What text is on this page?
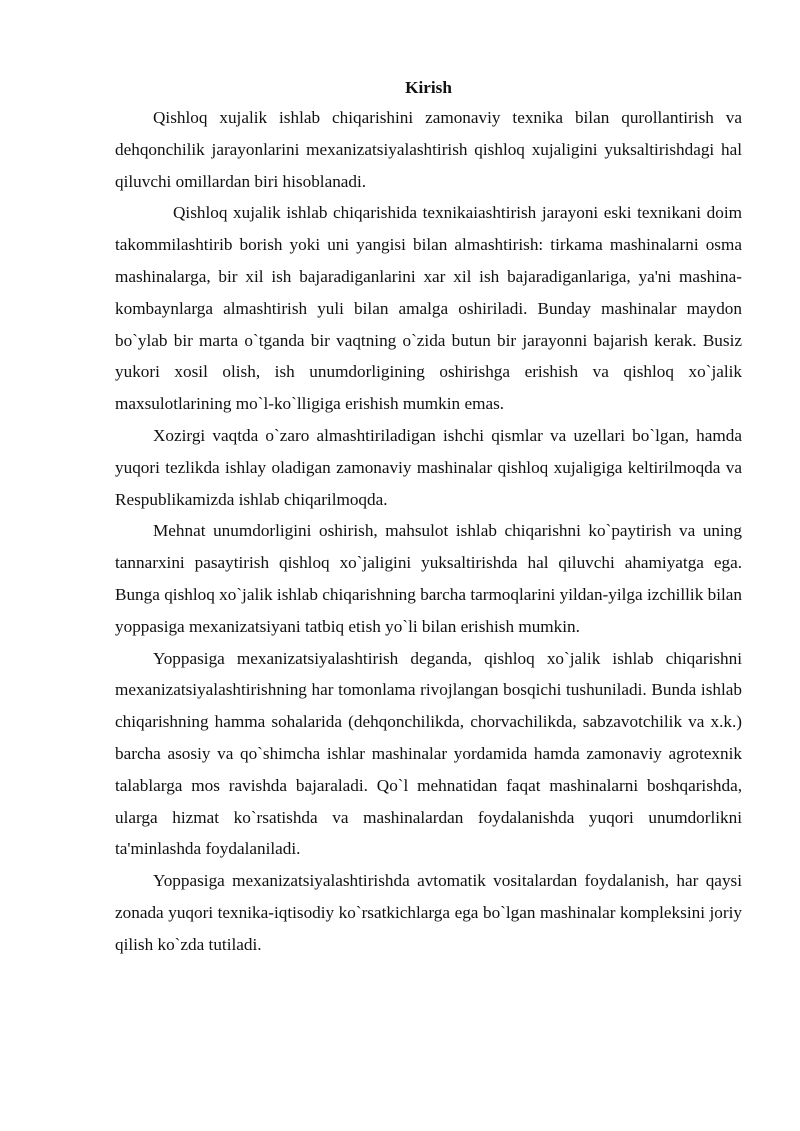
Kirish

Qishloq xujalik ishlab chiqarishini zamonaviy texnika bilan qurollantirish va dehqonchilik jarayonlarini mexanizatsiyalashtirish qishloq xujaligini yuksaltirishdagi hal qiluvchi omillardan biri hisoblanadi.

Qishloq xujalik ishlab chiqarishida texnikaiashtirish jarayoni eski texnikani doim takommilashtirib borish yoki uni yangisi bilan almashtirish: tirkama mashinalarni osma mashinalarga, bir xil ish bajaradiganlarini xar xil ish bajaradiganlariga, ya'ni mashina-kombaynlarga almashtirish yuli bilan amalga oshiriladi. Bunday mashinalar maydon bo`ylab bir marta o`tganda bir vaqtning o`zida butun bir jarayonni bajarish kerak. Busiz yukori xosil olish, ish unumdorligining oshirishga erishish va qishloq xo`jalik maxsulotlarining mo`l-ko`lligiga erishish mumkin emas.

Xozirgi vaqtda o`zaro almashtiriladigan ishchi qismlar va uzellari bo`lgan, hamda yuqori tezlikda ishlay oladigan zamonaviy mashinalar qishloq xujaligiga keltirilmoqda va Respublikamizda ishlab chiqarilmoqda.

Mehnat unumdorligini oshirish, mahsulot ishlab chiqarishni ko`paytirish va uning tannarxini pasaytirish qishloq xo`jaligini yuksaltirishda hal qiluvchi ahamiyatga ega. Bunga qishloq xo`jalik ishlab chiqarishning barcha tarmoqlarini yildan-yilga izchillik bilan yoppasiga mexanizatsiyani tatbiq etish yo`li bilan erishish mumkin.

Yoppasiga mexanizatsiyalashtirish deganda, qishloq xo`jalik ishlab chiqarishni mexanizatsiyalashtirishning har tomonlama rivojlangan bosqichi tushuniladi. Bunda ishlab chiqarishning hamma sohalarida (dehqonchilikda, chorvachilikda, sabzavotchilik va x.k.) barcha asosiy va qo`shimcha ishlar mashinalar yordamida hamda zamonaviy agrotexnik talablarga mos ravishda bajaraladi. Qo`l mehnatidan faqat mashinalarni boshqarishda, ularga hizmat ko`rsatishda va mashinalardan foydalanishda yuqori unumdorlikni ta'minlashda foydalaniladi.

Yoppasiga mexanizatsiyalashtirishda avtomatik vositalardan foydalanish, har qaysi zonada yuqori texnika-iqtisodiy ko`rsatkichlarga ega bo`lgan mashinalar kompleksini joriy qilish ko`zda tutiladi.
